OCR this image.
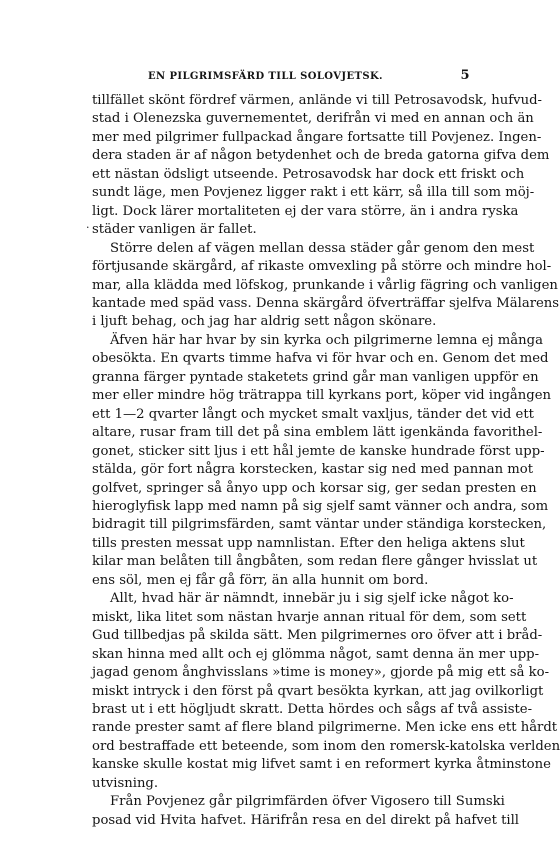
EN PILGRIMSFÄRD TILL SOLOVJETSK.	5
·
tillfället skönt fördref värmen, anlände vi till Petrosavodsk, hufvud-
stad i Olenezska guvernementet, derifrån vi med en annan och än
mer med pilgrimer fullpackad ångare fortsatte till Povjenez. Ingen-
dera staden är af någon betydenhet och de breda gatorna gifva dem
ett nästan ödsligt utseende. Petrosavodsk har dock ett friskt och
sundt läge, men Povjenez ligger rakt i ett kärr, så illa till som möj-
ligt. Dock lärer mortaliteten ej der vara större, än i andra ryska
städer vanligen är fallet.
Större delen af vägen mellan dessa städer går genom den mest
förtjusande skärgård, af rikaste omvexling på större och mindre hol-
mar, alla klädda med löfskog, prunkande i vårlig fägring och vanligen
kantade med späd vass. Denna skärgård öfverträffar sjelfva Mälarens
i ljuft behag, och jag har aldrig sett någon skönare.
Äfven här har hvar by sin kyrka och pilgrimerne lemna ej många
obesökta. En qvarts timme hafva vi för hvar och en. Genom det med
granna färger pyntade staketets grind går man vanligen uppför en
mer eller mindre hög trätrappa till kyrkans port, köper vid ingången
ett 1—2 qvarter långt och mycket smalt vaxljus, tänder det vid ett
altare, rusar fram till det på sina emblem lätt igenkända favorithel-
gonet, sticker sitt ljus i ett hål jemte de kanske hundrade först upp-
stälda, gör fort några korstecken, kastar sig ned med pannan mot
golfvet, springer så ånyo upp och korsar sig, ger sedan presten en
hieroglyfisk lapp med namn på sig sjelf samt vänner och andra, som
bidragit till pilgrimsfärden, samt väntar under ständiga korstecken,
tills presten messat upp namnlistan. Efter den heliga aktens slut
kilar man belåten till ångbåten, som redan flere gånger hvisslat ut
ens söl, men ej får gå förr, än alla hunnit om bord.
Allt, hvad här är nämndt, innebär ju i sig sjelf icke något ko-
miskt, lika litet som nästan hvarje annan ritual för dem, som sett
Gud tillbedjas på skilda sätt. Men pilgrimernes oro öfver att i bråd-
skan hinna med allt och ej glömma något, samt denna än mer upp-
jagad genom ånghvisslans »time is money», gjorde på mig ett så ko-
miskt intryck i den först på qvart besökta kyrkan, att jag ovilkorligt
brast ut i ett högljudt skratt. Detta hördes och sågs af två assiste-
rande prester samt af flere bland pilgrimerne. Men icke ens ett hårdt
ord bestraffade ett beteende, som inom den romersk-katolska verlden
kanske skulle kostat mig lifvet samt i en reformert kyrka åtminstone
utvisning.
Från Povjenez går pilgrimfärden öfver Vigosero till Sumski
posad vid Hvita hafvet. Härifrån resa en del direkt på hafvet till
